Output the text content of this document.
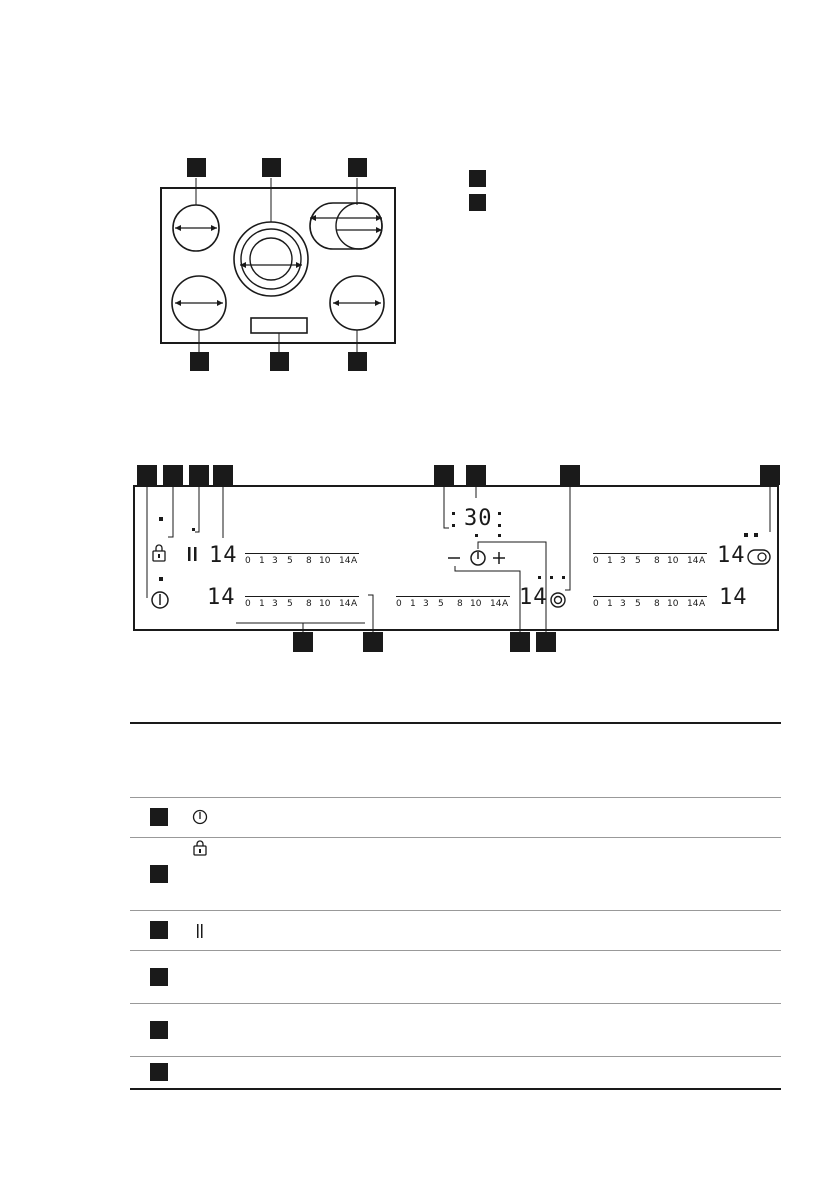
14
14
30
14
14
14
0 1 3 5 8 10 14 A
0 1 3 5 8 10 14 A	0 1 3 5 8 10 14 A
0 1 3 5 8 10 14 A
0 1 3 5 8 10 14 A
